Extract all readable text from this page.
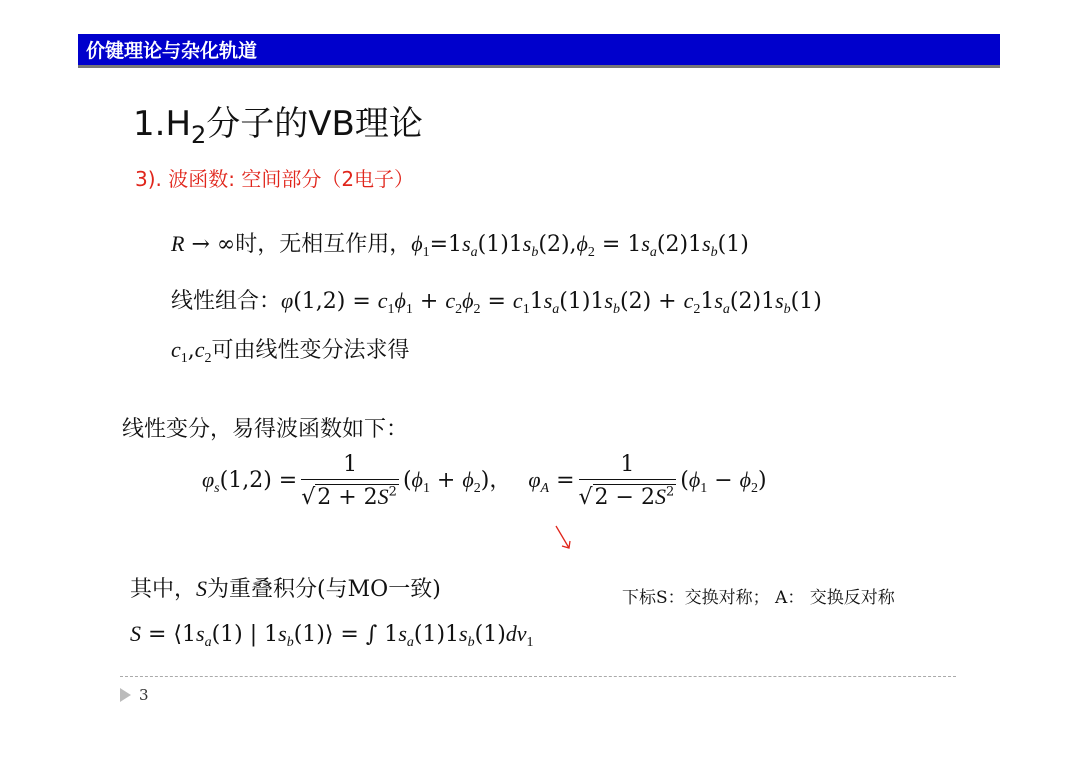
价键理论与杂化轨道
$1.H_2$分子的VB理论
3). 波函数: 空间部分（2电子）
R → ∞时，无相互作用，$\phi_1=1s_a(1)1s_b(2),\phi_2 = 1s_a(2)1s_b(1)$
线性组合：$\varphi(1,2) = c_1\phi_1 + c_2\phi_2 = c_11s_a(1)1s_b(2) + c_21s_a(2)1s_b(1)$
$c_1,c_2$可由线性变分法求得
线性变分，易得波函数如下：
$\varphi_s(1,2) = \frac{1}{√2 + 2S^2} (\phi_1 + \phi_2)$， $\varphi_A = \frac{1}{√2 - 2S^2} (\phi_1 - \phi_2)$
其中，S为重叠积分(与MO一致)	下标S：交换对称； A： 交换反对称
$S = ⟨1s_a(1)$ | $1s_b(1)⟩$ = ∫ $1s_a(1)1s_b(1)dv_1$
3
